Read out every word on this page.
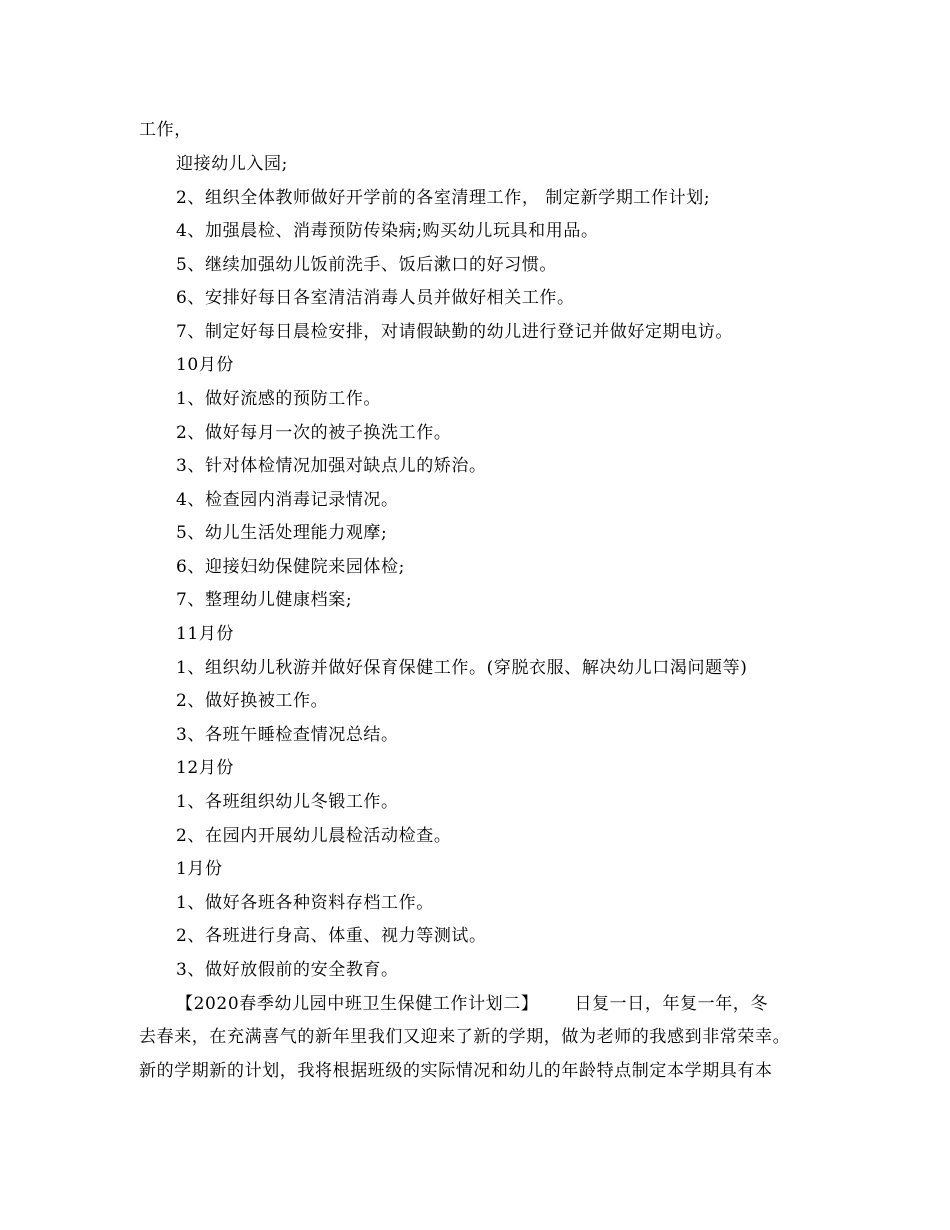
工作，
迎接幼儿入园;
2、组织全体教师做好开学前的各室清理工作， 制定新学期工作计划;
4、加强晨检、消毒预防传染病;购买幼儿玩具和用品。
5、继续加强幼儿饭前洗手、饭后漱口的好习惯。
6、安排好每日各室清洁消毒人员并做好相关工作。
7、制定好每日晨检安排，对请假缺勤的幼儿进行登记并做好定期电访。
10月份
1、做好流感的预防工作。
2、做好每月一次的被子换洗工作。
3、针对体检情况加强对缺点儿的矫治。
4、检查园内消毒记录情况。
5、幼儿生活处理能力观摩;
6、迎接妇幼保健院来园体检;
7、整理幼儿健康档案;
11月份
1、组织幼儿秋游并做好保育保健工作。(穿脱衣服、解决幼儿口渴问题等)
2、做好换被工作。
3、各班午睡检查情况总结。
12月份
1、各班组织幼儿冬锻工作。
2、在园内开展幼儿晨检活动检查。
1月份
1、做好各班各种资料存档工作。
2、各班进行身高、体重、视力等测试。
3、做好放假前的安全教育。
【2020春季幼儿园中班卫生保健工作计划二】 日复一日，年复一年，冬
去春来，在充满喜气的新年里我们又迎来了新的学期，做为老师的我感到非常荣幸。
新的学期新的计划，我将根据班级的实际情况和幼儿的年龄特点制定本学期具有本
